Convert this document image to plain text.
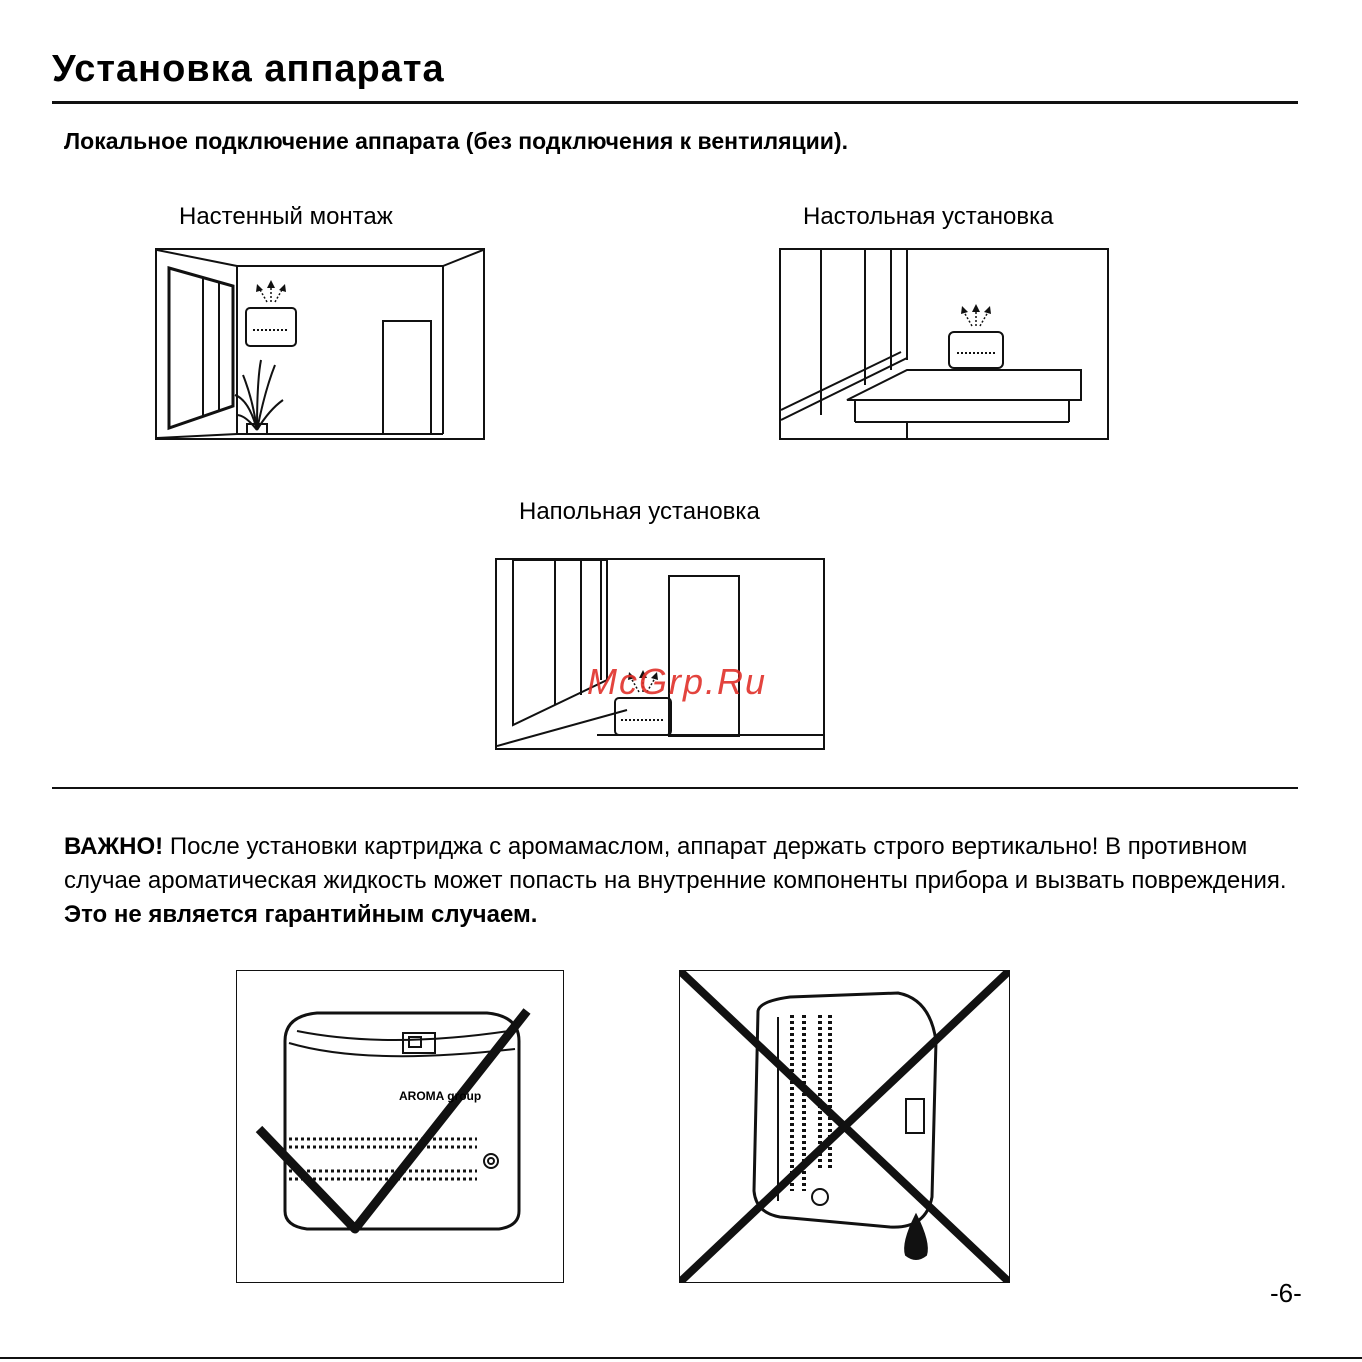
Установка аппарата
Локальное подключение аппарата (без подключения к вентиляции).
Настенный монтаж	Настольная установка
Напольная установка
McGrp.Ru
ВАЖНО! После установки картриджа с аромамаслом, аппарат держать строго вертикально! В противном случае ароматическая жидкость может попасть на внутренние компоненты прибора и вызвать повреждения. Это не является гарантийным случаем.
AROMA group
-6-
